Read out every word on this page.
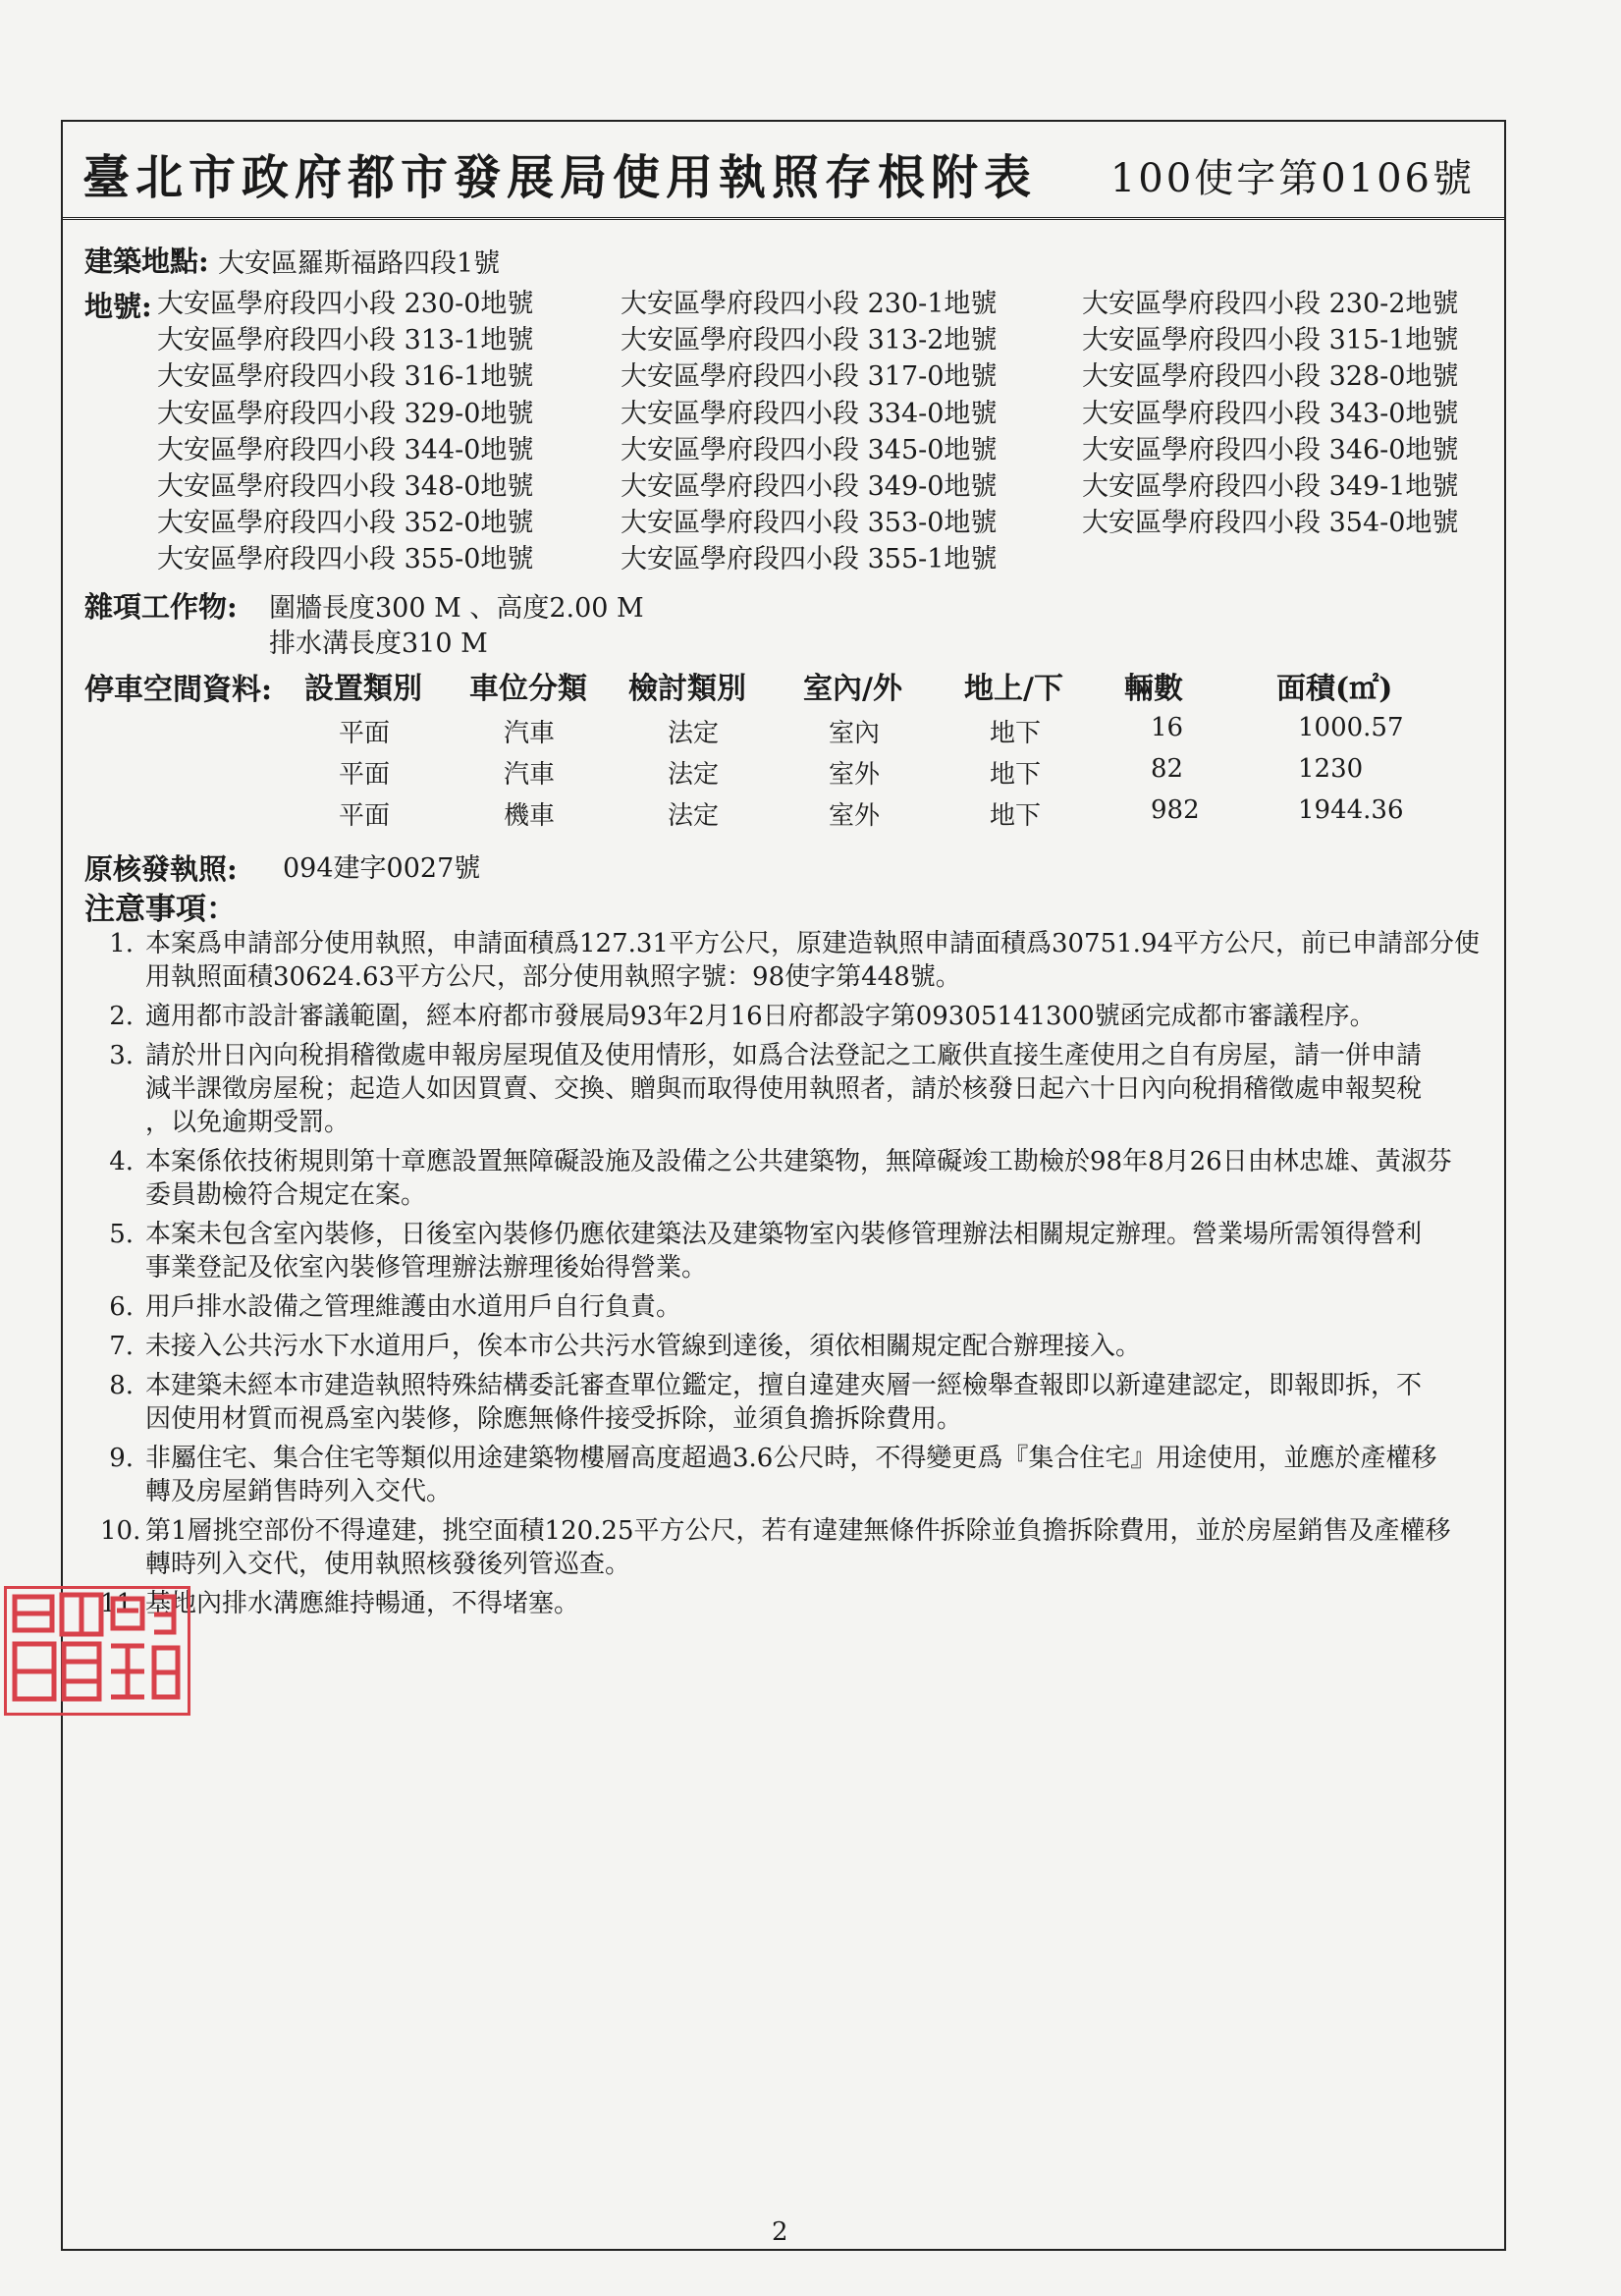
臺北市政府都市發展局使用執照存根附表 100使字第0106號
建築地點: 大安區羅斯福路四段1號
地號: 大安區學府段四小段 230-0地號	大安區學府段四小段 230-1地號	大安區學府段四小段 230-2地號
大安區學府段四小段 313-1地號	大安區學府段四小段 313-2地號	大安區學府段四小段 315-1地號
大安區學府段四小段 316-1地號	大安區學府段四小段 317-0地號	大安區學府段四小段 328-0地號
大安區學府段四小段 329-0地號	大安區學府段四小段 334-0地號	大安區學府段四小段 343-0地號
大安區學府段四小段 344-0地號	大安區學府段四小段 345-0地號	大安區學府段四小段 346-0地號
大安區學府段四小段 348-0地號	大安區學府段四小段 349-0地號	大安區學府段四小段 349-1地號
大安區學府段四小段 352-0地號	大安區學府段四小段 353-0地號	大安區學府段四小段 354-0地號
大安區學府段四小段 355-0地號	大安區學府段四小段 355-1地號
雜項工作物: 圍牆長度300 M 、高度2.00 M
排水溝長度310 M
停車空間資料: 設置類別 車位分類 檢討類別 室內/外 地上/下 輛數	面積(㎡)
平面	汽車	法定	室內	地下	16	1000.57
平面	汽車	法定	室外	地下	82	1230
平面	機車	法定	室外	地下	982	1944.36
原核發執照: 094建字0027號
注意事項：
1. 本案爲申請部分使用執照，申請面積爲127.31平方公尺，原建造執照申請面積爲30751.94平方公尺，前已申請部分使
用執照面積30624.63平方公尺，部分使用執照字號：98使字第448號。
2. 適用都市設計審議範圍，經本府都市發展局93年2月16日府都設字第09305141300號函完成都市審議程序。
3. 請於卅日內向稅捐稽徵處申報房屋現值及使用情形，如爲合法登記之工廠供直接生產使用之自有房屋，請一併申請
減半課徵房屋稅；起造人如因買賣、交換、贈與而取得使用執照者，請於核發日起六十日內向稅捐稽徵處申報契稅
，以免逾期受罰。
4. 本案係依技術規則第十章應設置無障礙設施及設備之公共建築物，無障礙竣工勘檢於98年8月26日由林忠雄、黃淑芬
委員勘檢符合規定在案。
5. 本案未包含室內裝修，日後室內裝修仍應依建築法及建築物室內裝修管理辦法相關規定辦理。營業場所需領得營利
事業登記及依室內裝修管理辦法辦理後始得營業。
6. 用戶排水設備之管理維護由水道用戶自行負責。
7. 未接入公共污水下水道用戶，俟本市公共污水管線到達後，須依相關規定配合辦理接入。
8. 本建築未經本市建造執照特殊結構委託審查單位鑑定，擅自違建夾層一經檢舉查報即以新違建認定，即報即拆，不
因使用材質而視爲室內裝修，除應無條件接受拆除，並須負擔拆除費用。
9. 非屬住宅、集合住宅等類似用途建築物樓層高度超過3.6公尺時，不得變更爲『集合住宅』用途使用，並應於產權移
轉及房屋銷售時列入交代。
10. 第1層挑空部份不得違建，挑空面積120.25平方公尺，若有違建無條件拆除並負擔拆除費用，並於房屋銷售及產權移
轉時列入交代，使用執照核發後列管巡查。
11. 基地內排水溝應維持暢通，不得堵塞。
2
